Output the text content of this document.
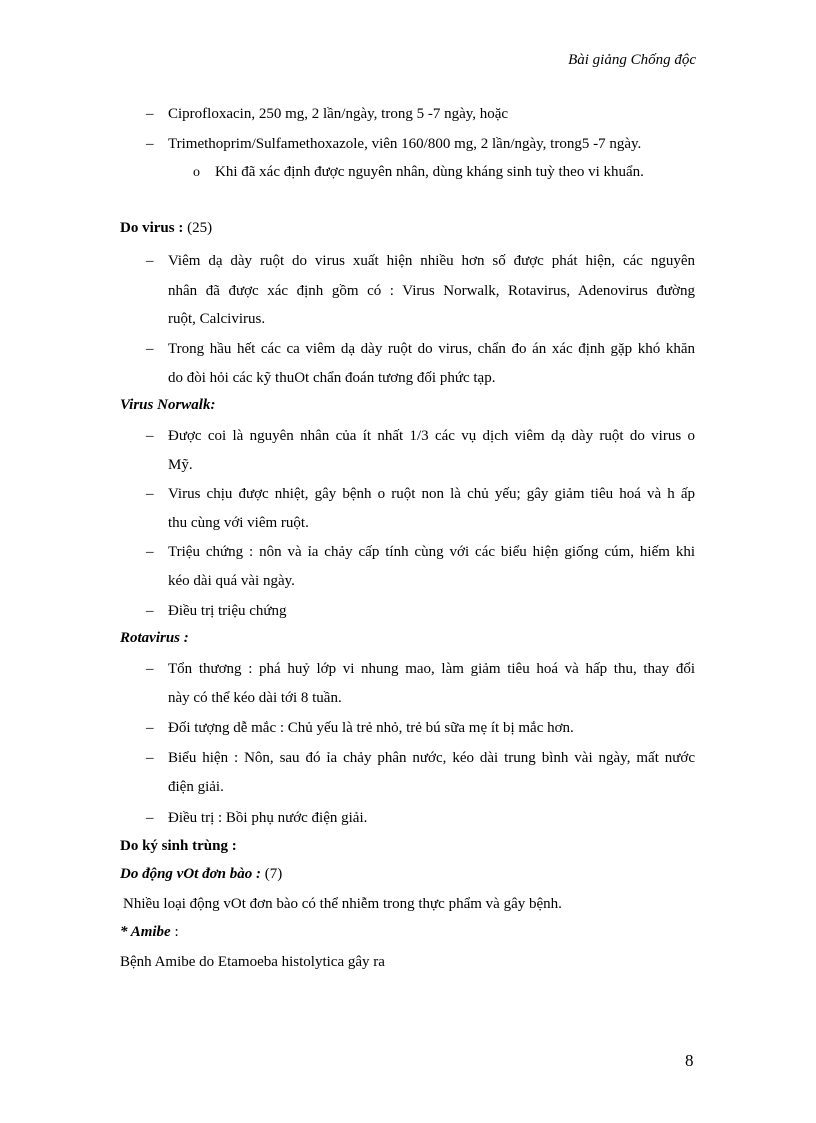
Bài giảng Chống độc
– Ciprofloxacin, 250 mg, 2 lần/ngày, trong 5 -7 ngày, hoặc
– Trimethoprim/Sulfamethoxazole, viên 160/800 mg, 2 lần/ngày, trong5 -7 ngày.
o Khi đã xác định được nguyên nhân, dùng kháng sinh tuỳ theo vi khuẩn.
Do virus : (25)
– Viêm dạ dày ruột do virus xuất hiện nhiều hơn số được phát hiện, các nguyên
nhân đã được xác định gồm có : Virus Norwalk, Rotavirus, Adenovirus đường
ruột, Calcivirus.
– Trong hầu hết các ca viêm dạ dày ruột do virus, chẩn đo án xác định gặp khó khăn
do đòi hỏi các kỹ thuOt chẩn đoán tương đối phức tạp.
Virus Norwalk:
– Được coi là nguyên nhân của ít nhất 1/3 các vụ dịch viêm dạ dày ruột do virus o
Mỹ.
– Virus chịu được nhiệt, gây bệnh o ruột non là chủ yếu; gây giảm tiêu hoá và h ấp
thu cùng với viêm ruột.
– Triệu chứng : nôn và ỉa chảy cấp tính cùng với các biểu hiện giống cúm, hiếm khi
kéo dài quá vài ngày.
– Điều trị triệu chứng
Rotavirus :
– Tổn thương : phá huỷ lớp vi nhung mao, làm giảm tiêu hoá và hấp thu, thay đổi
này có thể kéo dài tới 8 tuần.
– Đối tượng dễ mắc : Chủ yếu là trẻ nhỏ, trẻ bú sữa mẹ ít bị mắc hơn.
– Biểu hiện : Nôn, sau đó ỉa chảy phân nước, kéo dài trung bình vài ngày, mất nước
điện giải.
– Điều trị : Bồi phụ nước điện giải.
Do ký sinh trùng :
Do động vOt đơn bào : (7)
Nhiều loại động vOt đơn bào có thể nhiễm trong thực phẩm và gây bệnh.
* Amibe :
Bệnh Amibe do Etamoeba histolytica gây ra
8
